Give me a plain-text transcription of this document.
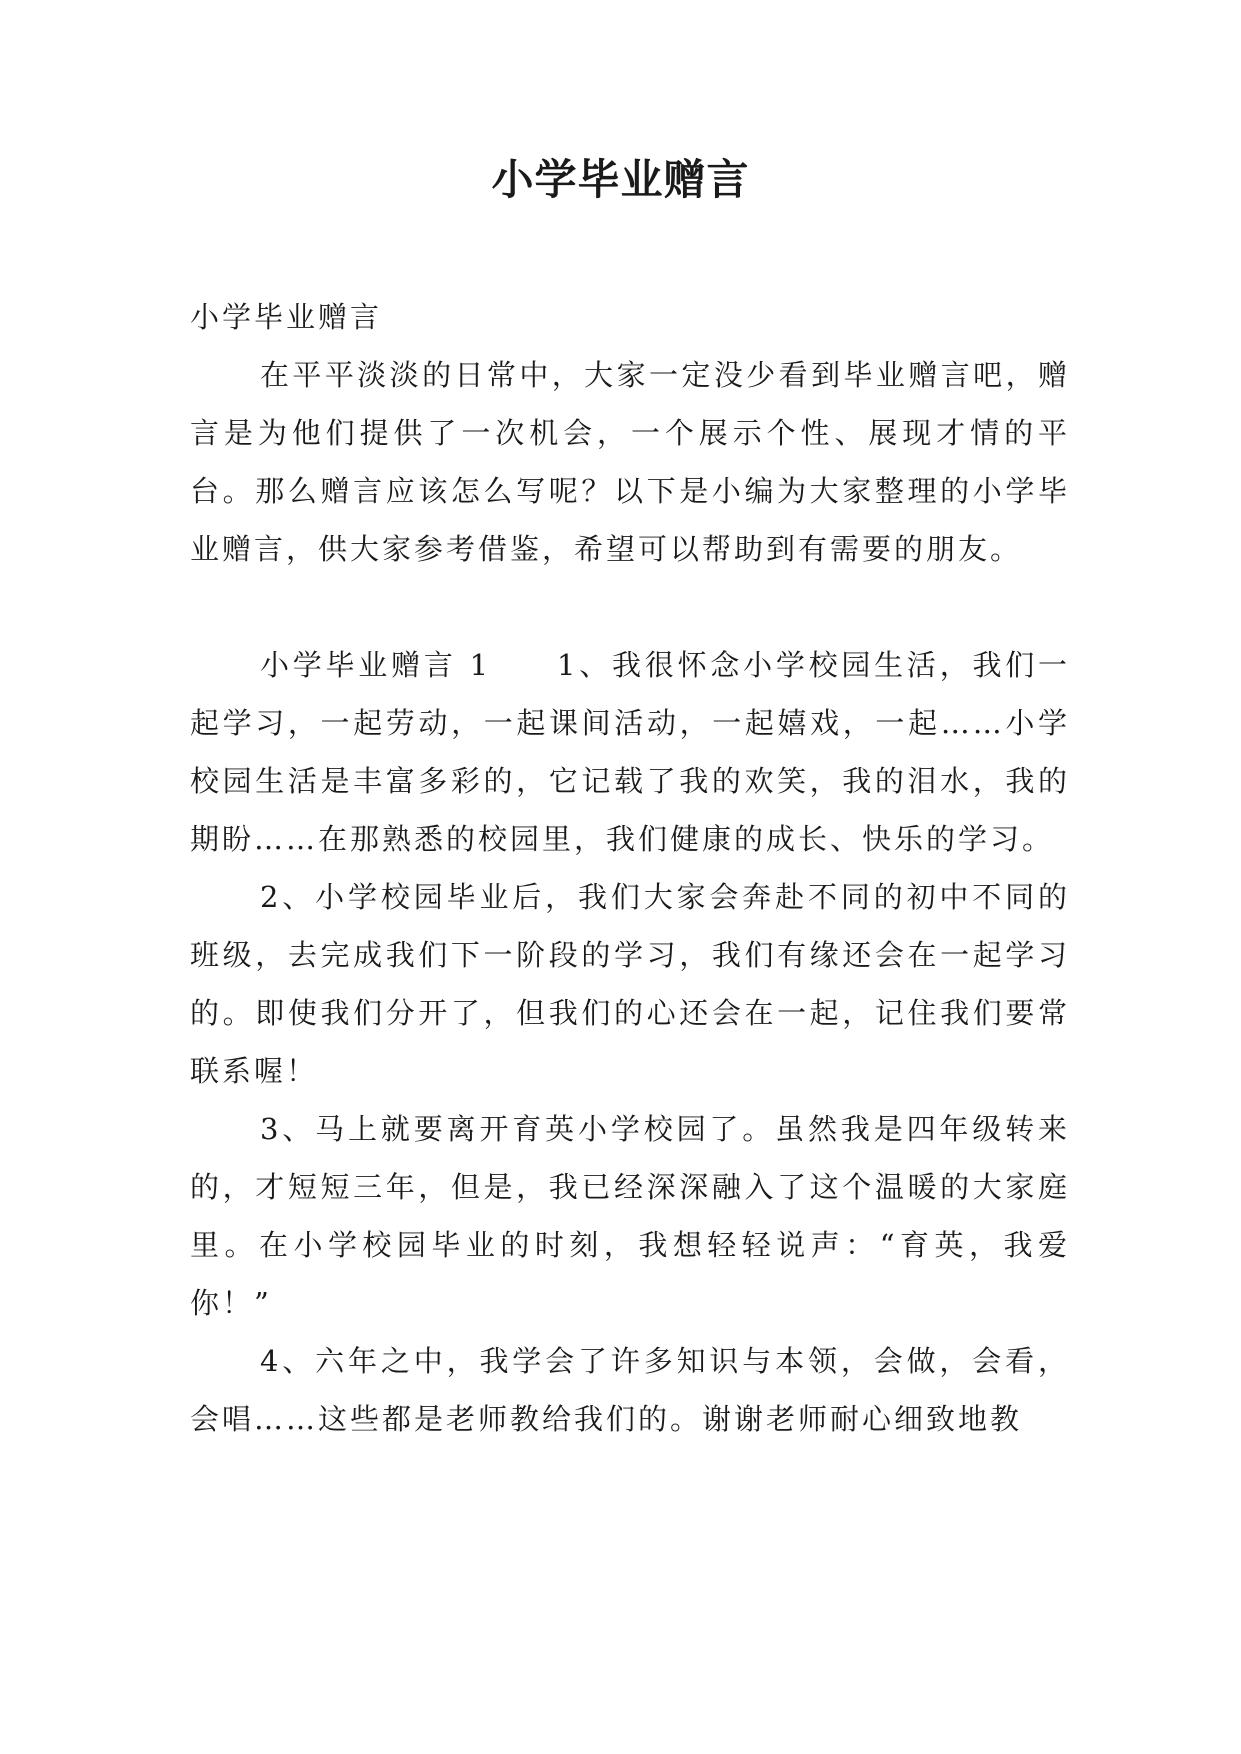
小学毕业赠言

小学毕业赠言

在平平淡淡的日常中，大家一定没少看到毕业赠言吧，赠言是为他们提供了一次机会，一个展示个性、展现才情的平台。那么赠言应该怎么写呢？以下是小编为大家整理的小学毕业赠言，供大家参考借鉴，希望可以帮助到有需要的朋友。

小学毕业赠言 1 1、我很怀念小学校园生活，我们一起学习，一起劳动，一起课间活动，一起嬉戏，一起……小学校园生活是丰富多彩的，它记载了我的欢笑，我的泪水，我的期盼……在那熟悉的校园里，我们健康的成长、快乐的学习。

2、小学校园毕业后，我们大家会奔赴不同的初中不同的班级，去完成我们下一阶段的学习，我们有缘还会在一起学习的。即使我们分开了，但我们的心还会在一起，记住我们要常联系喔！

3、马上就要离开育英小学校园了。虽然我是四年级转来的，才短短三年，但是，我已经深深融入了这个温暖的大家庭里。在小学校园毕业的时刻，我想轻轻说声：“育英，我爱你！”

4、六年之中，我学会了许多知识与本领，会做，会看，会唱……这些都是老师教给我们的。谢谢老师耐心细致地教
